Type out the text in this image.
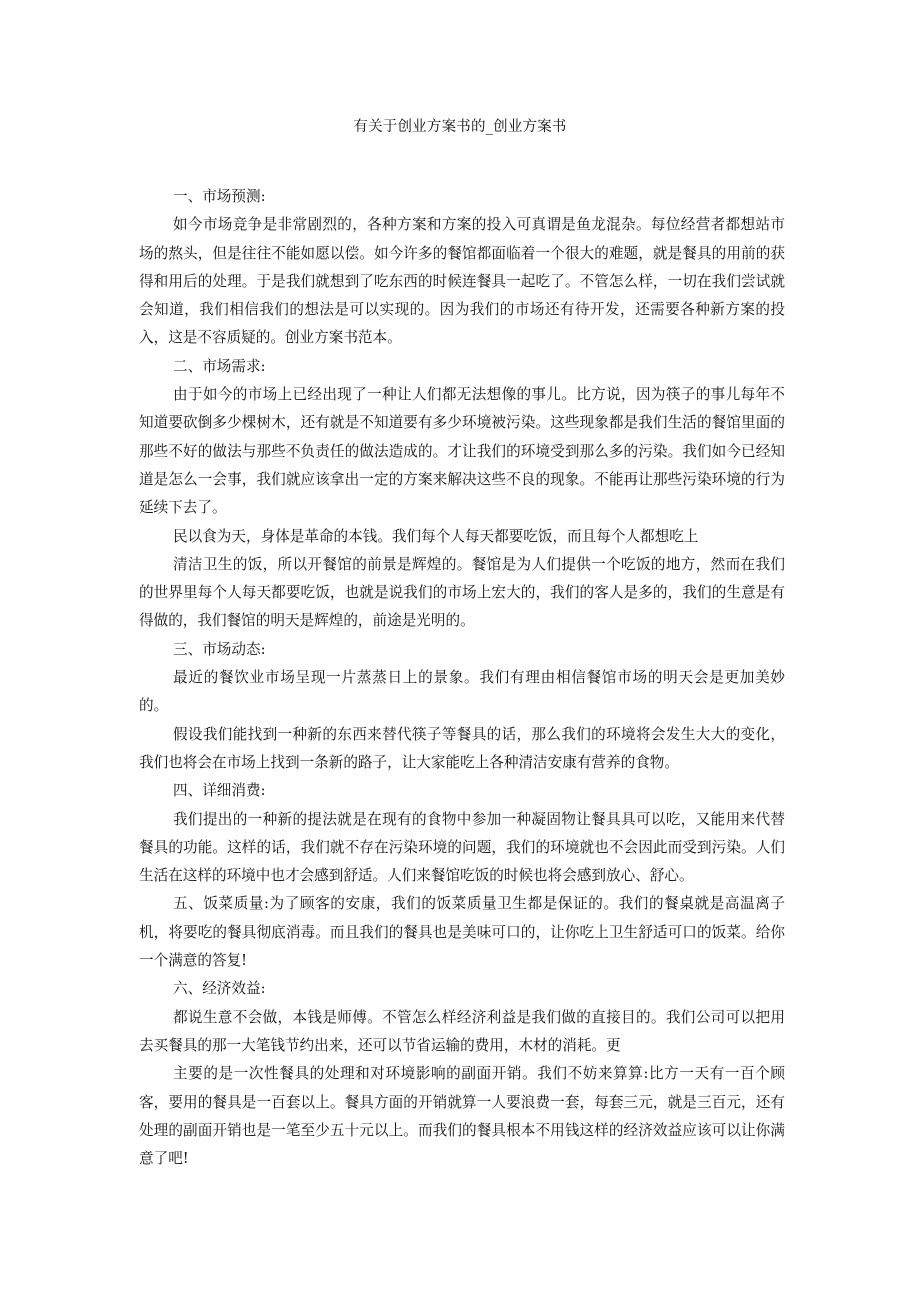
有关于创业方案书的_创业方案书

一、市场预测:

如今市场竞争是非常剧烈的，各种方案和方案的投入可真谓是鱼龙混杂。每位经营者都想站市场的熬头，但是往往不能如愿以偿。如今许多的餐馆都面临着一个很大的难题，就是餐具的用前的获得和用后的处理。于是我们就想到了吃东西的时候连餐具一起吃了。不管怎么样，一切在我们尝试就会知道，我们相信我们的想法是可以实现的。因为我们的市场还有待开发，还需要各种新方案的投入，这是不容质疑的。创业方案书范本。

二、市场需求:

由于如今的市场上已经出现了一种让人们都无法想像的事儿。比方说，因为筷子的事儿每年不知道要砍倒多少棵树木，还有就是不知道要有多少环境被污染。这些现象都是我们生活的餐馆里面的那些不好的做法与那些不负责任的做法造成的。才让我们的环境受到那么多的污染。我们如今已经知道是怎么一会事，我们就应该拿出一定的方案来解决这些不良的现象。不能再让那些污染环境的行为延续下去了。

民以食为天，身体是革命的本钱。我们每个人每天都要吃饭，而且每个人都想吃上

清洁卫生的饭，所以开餐馆的前景是辉煌的。餐馆是为人们提供一个吃饭的地方，然而在我们的世界里每个人每天都要吃饭，也就是说我们的市场上宏大的，我们的客人是多的，我们的生意是有得做的，我们餐馆的明天是辉煌的，前途是光明的。

三、市场动态:

最近的餐饮业市场呈现一片蒸蒸日上的景象。我们有理由相信餐馆市场的明天会是更加美妙 的。

假设我们能找到一种新的东西来替代筷子等餐具的话，那么我们的环境将会发生大大的变化，我们也将会在市场上找到一条新的路子，让大家能吃上各种清洁安康有营养的食物。

四、详细消费:

我们提出的一种新的提法就是在现有的食物中参加一种凝固物让餐具具可以吃，又能用来代替餐具的功能。这样的话，我们就不存在污染环境的问题，我们的环境就也不会因此而受到污染。人们生活在这样的环境中也才会感到舒适。人们来餐馆吃饭的时候也将会感到放心、舒心。

五、饭菜质量:为了顾客的安康，我们的饭菜质量卫生都是保证的。我们的餐桌就是高温离子机，将要吃的餐具彻底消毒。而且我们的餐具也是美味可口的，让你吃上卫生舒适可口的饭菜。给你一个满意的答复!

六、经济效益:

都说生意不会做，本钱是师傅。不管怎么样经济利益是我们做的直接目的。我们公司可以把用去买餐具的那一大笔钱节约出来，还可以节省运输的费用，木材的消耗。更

主要的是一次性餐具的处理和对环境影响的副面开销。我们不妨来算算:比方一天有一百个顾客，要用的餐具是一百套以上。餐具方面的开销就算一人要浪费一套，每套三元，就是三百元，还有处理的副面开销也是一笔至少五十元以上。而我们的餐具根本不用钱这样的经济效益应该可以让你满意了吧!
